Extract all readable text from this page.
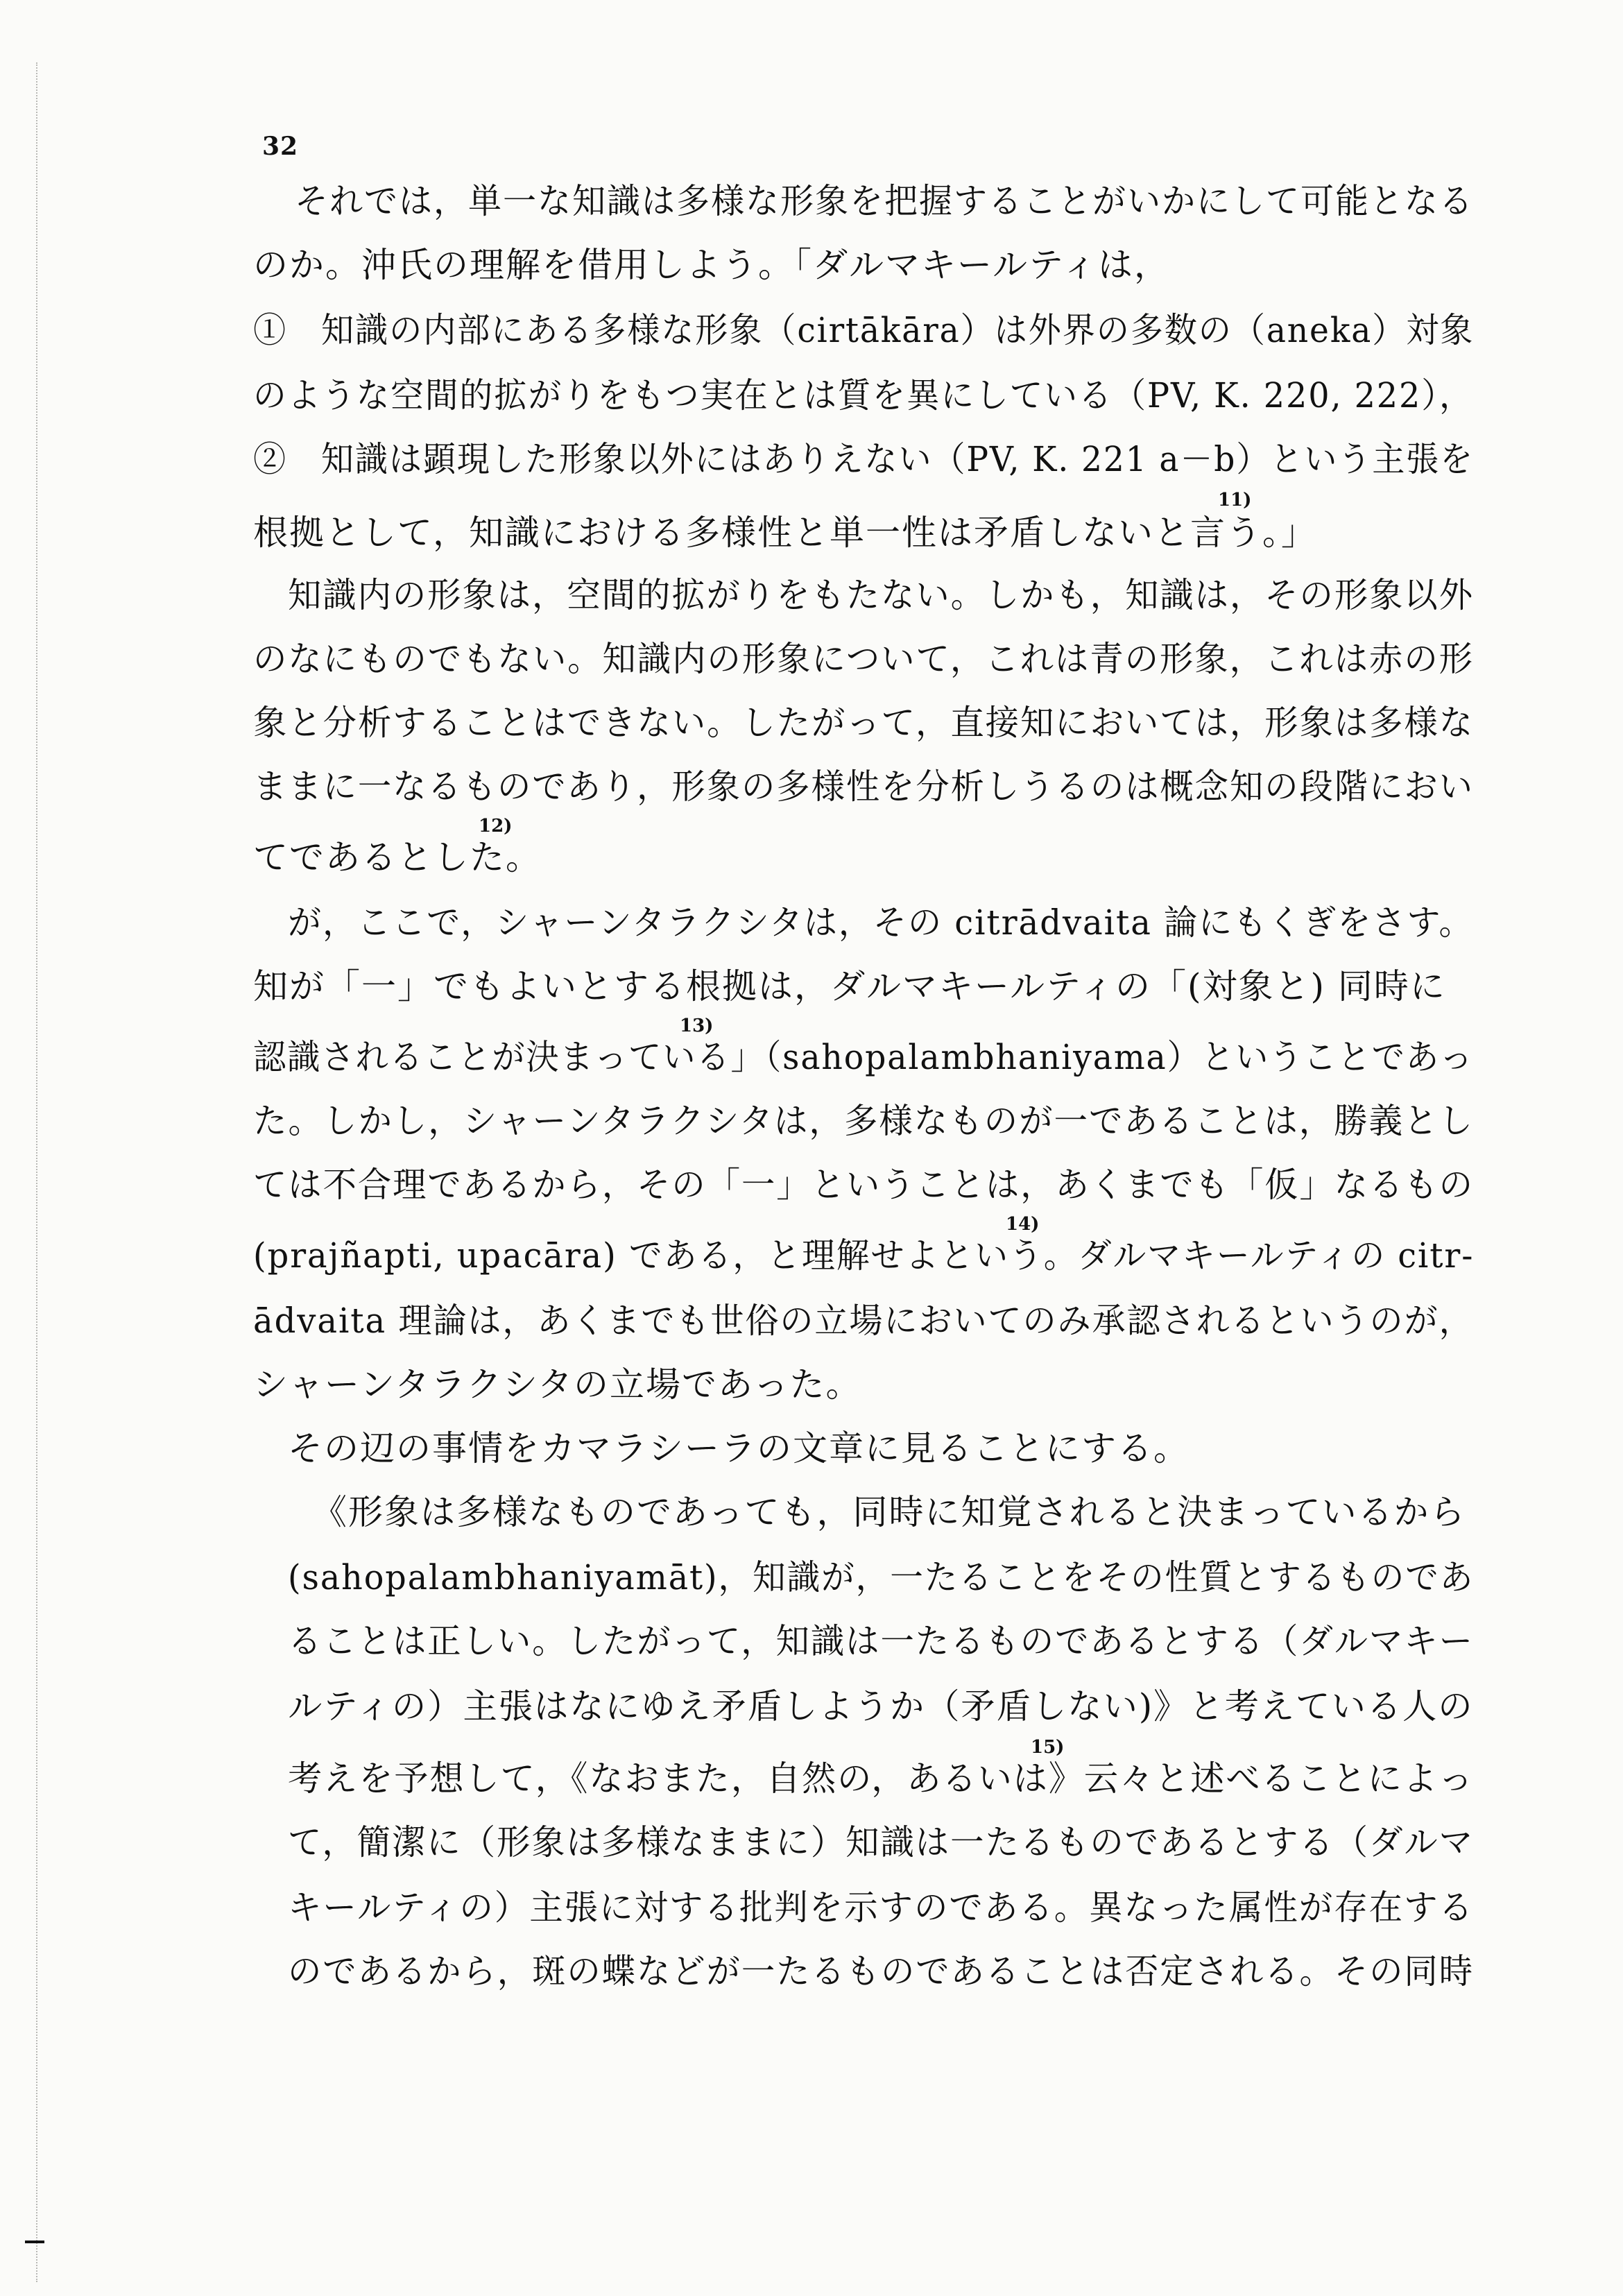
32
それでは，単一な知識は多様な形象を把握することがいかにして可能となる
のか。沖氏の理解を借用しよう。「ダルマキールティは，
①　知識の内部にある多様な形象（cirtākāra）は外界の多数の（aneka）対象
のような空間的拡がりをもつ実在とは質を異にしている（PV, K. 220, 222），
②　知識は顕現した形象以外にはありえない（PV, K. 221 a－b）という主張を
根拠として，知識における多様性と単一性は矛盾しないと言う。」
知識内の形象は，空間的拡がりをもたない。しかも，知識は，その形象以外
のなにものでもない。知識内の形象について，これは青の形象，これは赤の形
象と分析することはできない。したがって，直接知においては，形象は多様な
ままに一なるものであり，形象の多様性を分析しうるのは概念知の段階におい
てであるとした。
が，ここで，シャーンタラクシタは，その citrādvaita 論にもくぎをさす。
知が「一」でもよいとする根拠は，ダルマキールティの「(対象と) 同時に
認識されることが決まっている」（sahopalambhaniyama）ということであっ
た。しかし，シャーンタラクシタは，多様なものが一であることは，勝義とし
ては不合理であるから，その「一」ということは，あくまでも「仮」なるもの
(prajñapti, upacāra) である，と理解せよという。ダルマキールティの citr-
ādvaita 理論は，あくまでも世俗の立場においてのみ承認されるというのが，
シャーンタラクシタの立場であった。
その辺の事情をカマラシーラの文章に見ることにする。
《形象は多様なものであっても，同時に知覚されると決まっているから
(sahopalambhaniyamāt)，知識が，一たることをその性質とするものであ
ることは正しい。したがって，知識は一たるものであるとする（ダルマキー
ルティの）主張はなにゆえ矛盾しようか（矛盾しない)》と考えている人の
考えを予想して，《なおまた，自然の，あるいは》云々と述べることによっ
て，簡潔に（形象は多様なままに）知識は一たるものであるとする（ダルマ
キールティの）主張に対する批判を示すのである。異なった属性が存在する
のであるから，斑の蝶などが一たるものであることは否定される。その同時
11)
12)
13)
14)
15)
